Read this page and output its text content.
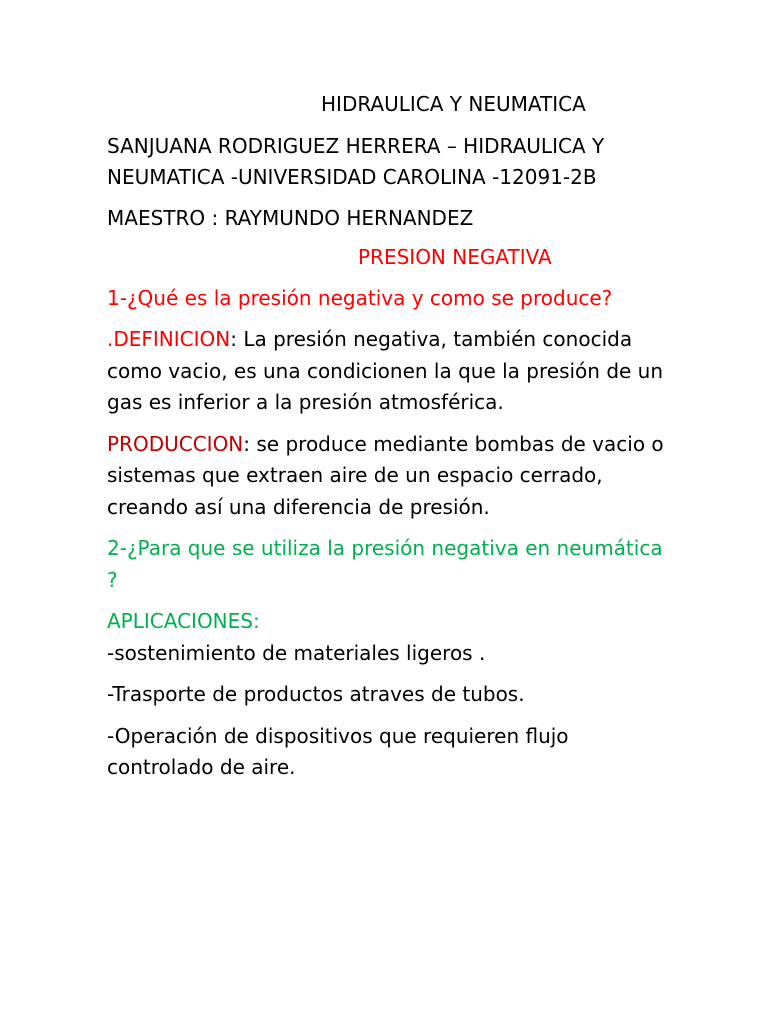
HIDRAULICA Y NEUMATICA

SANJUANA RODRIGUEZ HERRERA – HIDRAULICA Y NEUMATICA -UNIVERSIDAD CAROLINA -12091-2B

MAESTRO : RAYMUNDO HERNANDEZ

PRESION NEGATIVA

1-¿Qué es la presión negativa y como se produce?

.DEFINICION: La presión negativa, también conocida como vacio, es una condicionen la que la presión de un gas es inferior a la presión atmosférica.

PRODUCCION: se produce mediante bombas de vacio o sistemas que extraen aire de un espacio cerrado, creando así una diferencia de presión.

2-¿Para que se utiliza la presión negativa en neumática ?

APLICACIONES:

-sostenimiento de materiales ligeros .

-Trasporte de productos atraves de tubos.

-Operación de dispositivos que requieren flujo controlado de aire.
